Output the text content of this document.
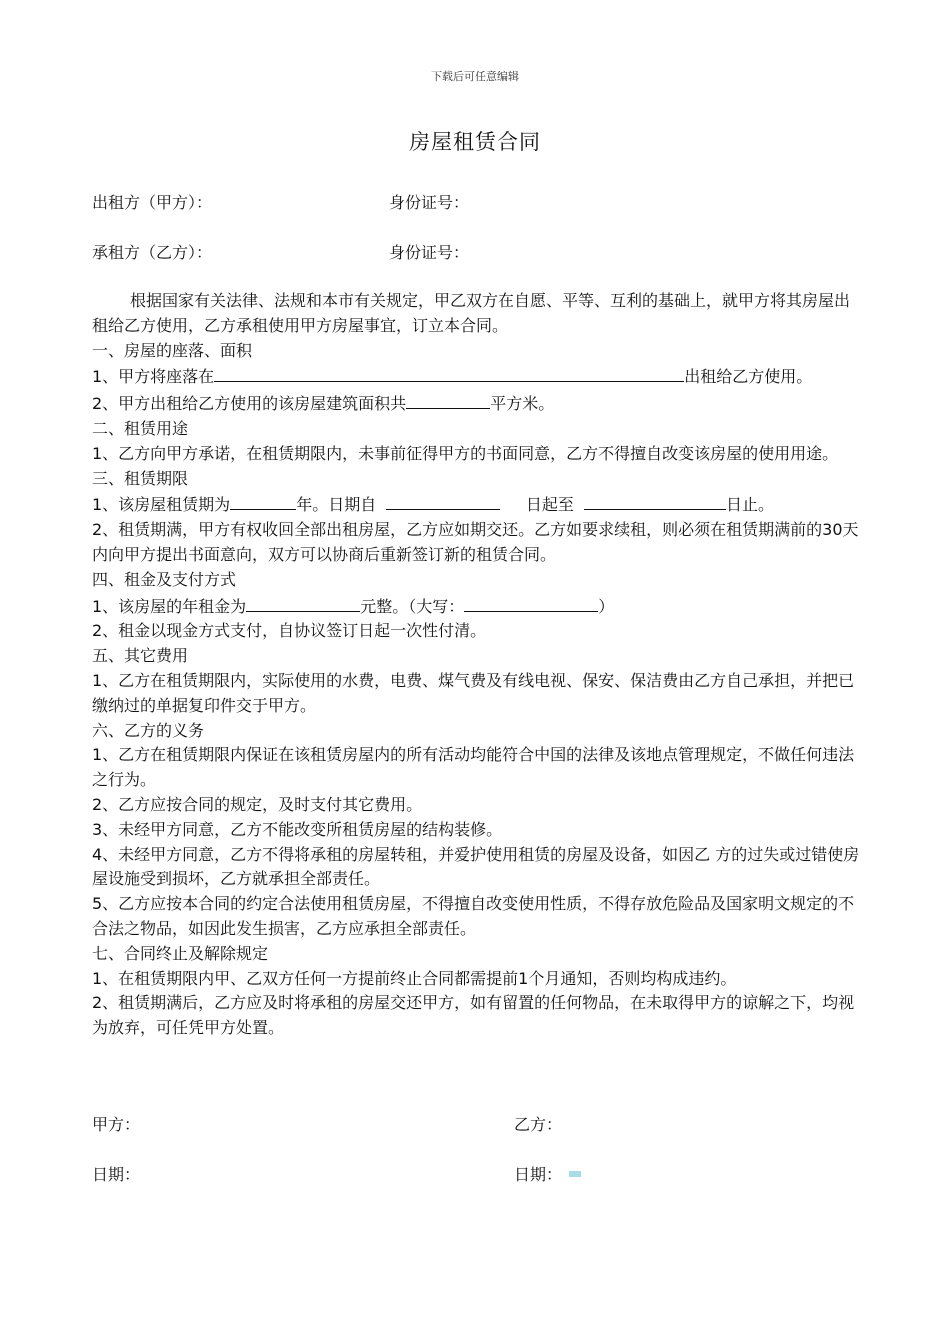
下载后可任意编辑
房屋租赁合同
出租方（甲方）：	身份证号：
承租方（乙方）：	身份证号：

根据国家有关法律、法规和本市有关规定，甲乙双方在自愿、平等、互利的基础上，就甲方将其房屋出租给乙方使用，乙方承租使用甲方房屋事宜，订立本合同。

一、房屋的座落、面积

1、甲方将座落在	出租给乙方使用。

2、甲方出租给乙方使用的该房屋建筑面积共	平方米。

二、租赁用途

1、乙方向甲方承诺，在租赁期限内，未事前征得甲方的书面同意，乙方不得擅自改变该房屋的使用用途。

三、租赁期限

1、该房屋租赁期为	年。日期自	日起至	日止。

2、租赁期满，甲方有权收回全部出租房屋，乙方应如期交还。乙方如要求续租，则必须在租赁期满前的30天内向甲方提出书面意向，双方可以协商后重新签订新的租赁合同。

四、租金及支付方式

1、该房屋的年租金为	元整。（大写：	）

2、租金以现金方式支付，自协议签订日起一次性付清。

五、其它费用

1、乙方在租赁期限内，实际使用的水费，电费、煤气费及有线电视、保安、保洁费由乙方自己承担，并把已缴纳过的单据复印件交于甲方。

六、乙方的义务

1、乙方在租赁期限内保证在该租赁房屋内的所有活动均能符合中国的法律及该地点管理规定，不做任何违法之行为。

2、乙方应按合同的规定，及时支付其它费用。

3、未经甲方同意，乙方不能改变所租赁房屋的结构装修。

4、未经甲方同意，乙方不得将承租的房屋转租，并爱护使用租赁的房屋及设备，如因乙 方的过失或过错使房屋设施受到损坏，乙方就承担全部责任。

5、乙方应按本合同的约定合法使用租赁房屋，不得擅自改变使用性质，不得存放危险品及国家明文规定的不合法之物品，如因此发生损害，乙方应承担全部责任。

七、合同终止及解除规定

1、在租赁期限内甲、乙双方任何一方提前终止合同都需提前1个月通知，否则均构成违约。

2、租赁期满后，乙方应及时将承租的房屋交还甲方，如有留置的任何物品，在未取得甲方的谅解之下，均视为放弃，可任凭甲方处置。

甲方：	乙方：
日期：	日期：
